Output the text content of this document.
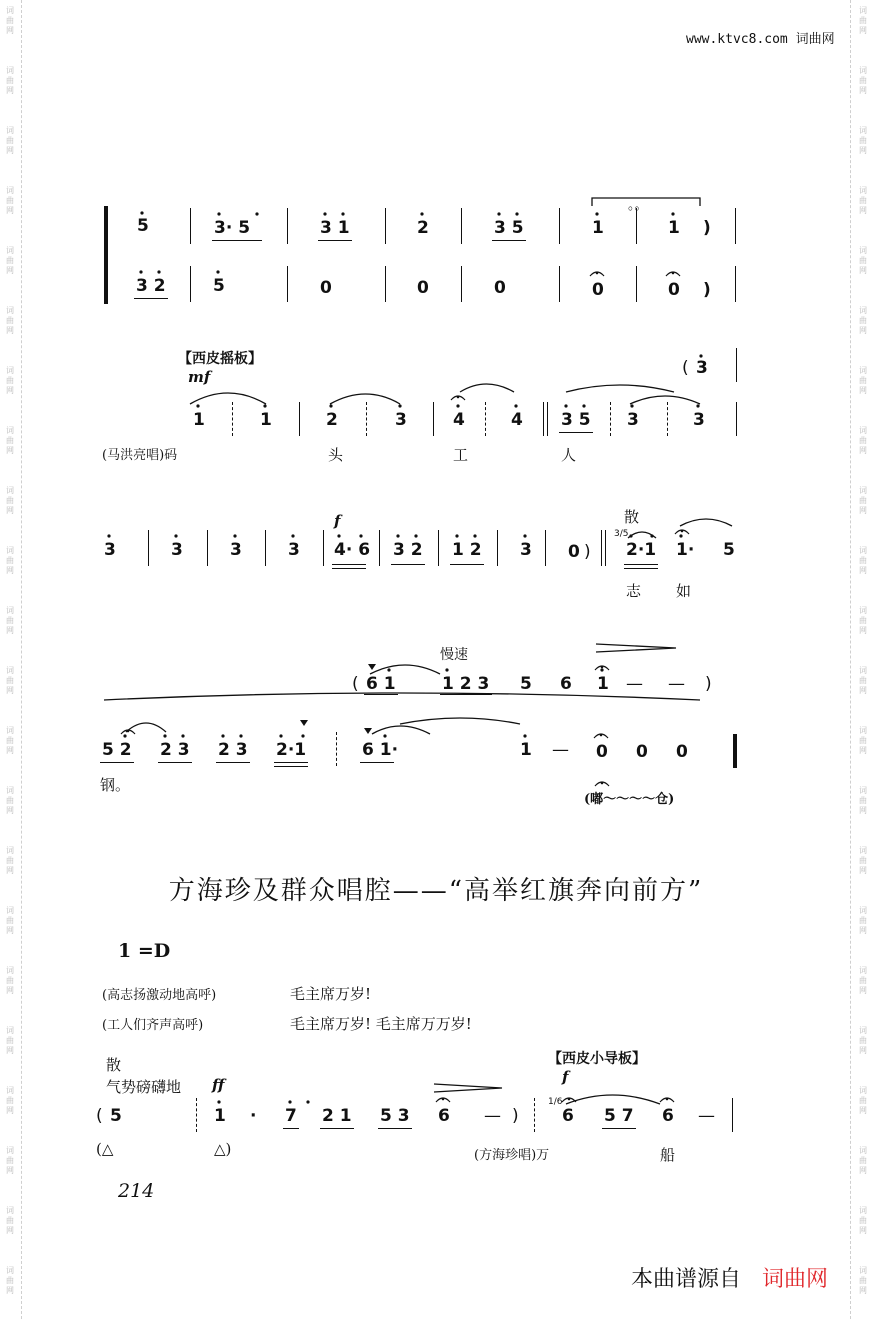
词
曲
网
词
曲
网
词
曲
网
词
曲
网
词
曲
网
词
曲
网
词
曲
网
词
曲
网
词
曲
网
词
曲
网
词
曲
网
词
曲
网
词
曲
网
词
曲
网
词
曲
网
词
曲
网
词
曲
网
词
曲
网
词
曲
网
词
曲
网
词
曲
网
词
曲
网
词
曲
网
词
曲
网
词
曲
网
词
曲
网
词
曲
网
词
曲
网
词
曲
网
词
曲
网
词
曲
网
词
曲
网
词
曲
网
词
曲
网
词
曲
网
词
曲
网
词
曲
网
词
曲
网
词
曲
网
词
曲
网
词
曲
网
词
曲
网
词
曲
网
词
曲
网
www.ktvc8.com 词曲网
5	3· 5	3 1	2	3 5	1	1 )
。。
3 2	5	0	0	0	0	0 )
【西皮摇板】
mf	( 3
1	1	2	3	4	4 3 5 3	3
(马洪亮唱)码	头	工	人
散
f
3	3	3	3 4· 6 3 2 1 2 3 0 )
3/5
2·1 1· 5
志 如
慢速
( 6 1	1 2 3 5 6 1 — — )
5 2 2 3 2 3 2·1	6 1·	1 — 0 0 0
钢。
(嘟～～～～仓)
方海珍及群众唱腔——“高举红旗奔向前方”
1 =D
(高志扬激动地高呼)	毛主席万岁!
(工人们齐声高呼)	毛主席万岁! 毛主席万万岁!
散
气势磅礴地 ff
【西皮小导板】
f
( 5	1 · 7 2 1 5 3 6 — )
1/6
6 5 7 6 —
(△	△)	(方海珍唱)万	船
214
本曲谱源自 词曲网
